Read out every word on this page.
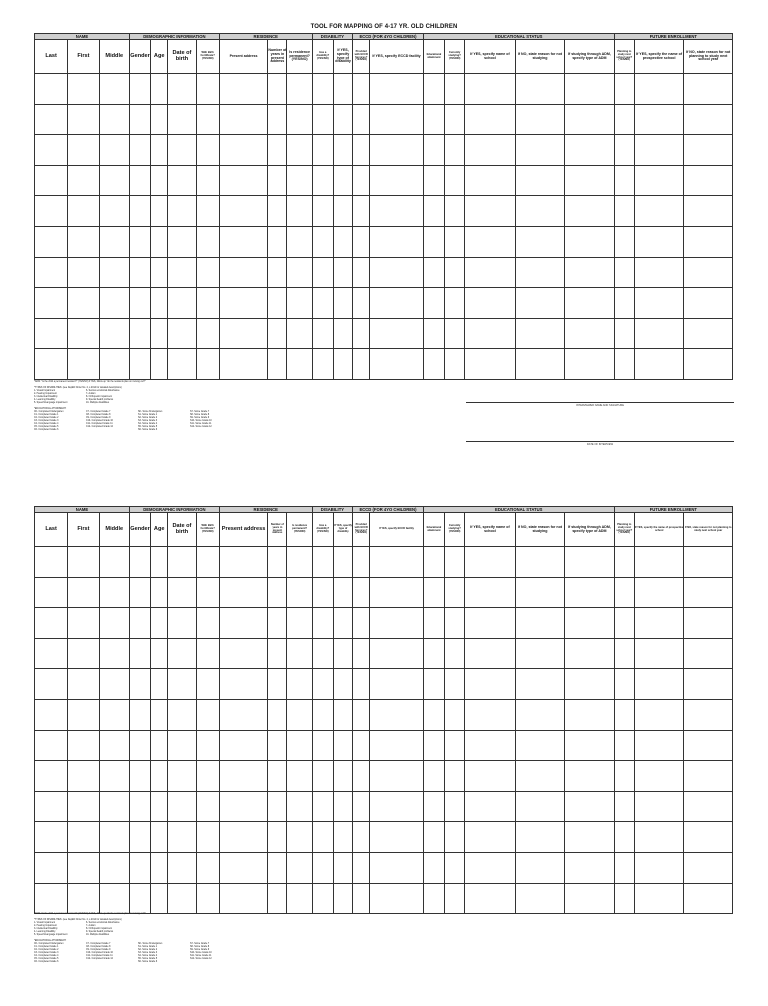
TOOL FOR MAPPING OF 4-17 YR. OLD CHILDREN
NAME			DEMOGRAPHIC INFORMATION				RESIDENCE			DISABILITY		ECCD (FOR 4YO CHILDREN)		EDUCATIONAL STATUS					FUTURE ENROLLMENT		
Last	First	Middle	Gender	Age	Date of birth	With Birth Certificate? (YES/NO)	Present address	Number of years in present address	Is residence permanent? (YES/NO)	Has a disability? (YES/NO)	If YES, specify type of disability	Provided with ECCD Services? (YES/NO)	If YES, specify ECCD facility	Educational attainment	Currently studying? (YES/NO)	If YES, specify name of school	If NO, state reason for not studying	If studying through ADM, specify type of ADM	Planning to study next school year? (YES/NO)	If YES, specify the name of prospective school	If NO, state reason for not planning to study next school year

*ADM: "Is the child a permanent resident?" (YES/NO) If YES, follow up "do the residents plan on moving out?"
*TYPES OF DISABILITIES: (see DepED Order No. 2, s.2014 for detailed descriptions)
1- Visual Impairment	6- Serious emotional disturbance
2- Hearing Impairment	7- Autism
3- Intellectual Disability	8- Orthopedic impairment
4- Learning Disability	9- Special health problems
5- Speech/Language impairment	10- Multiple disabilities
*EDUCATIONAL ATTAINMENT:
CK- Completed Kindergarten	C7- Completed Grade 7	SK- Some Kindergarten	S7- Some Grade 7
C1- Completed Grade 1	C8- Completed Grade 8	S1- Some Grade 1	S8- Some Grade 8
C2- Completed Grade 2	C9- Completed Grade 9	S2- Some Grade 2	S9- Some Grade 9
C3- Completed Grade 3	C10- Completed Grade 10	S3- Some Grade 3	S10- Some Grade 10
C4- Completed Grade 4	C11- Completed Grade 11	S4- Some Grade 4	S11- Some Grade 11
C5- Completed Grade 5	C12- Completed Grade 12	S5- Some Grade 5	S12- Some Grade 12
C6- Completed Grade 6	S6- Some Grade 6
INTERVIEWER NAME AND SIGNATURE
DATE OF INTERVIEW
NAME			DEMOGRAPHIC INFORMATION				RESIDENCE			DISABILITY		ECCD (FOR 4YO CHILDREN)		EDUCATIONAL STATUS					FUTURE ENROLLMENT		
Last	First	Middle	Gender	Age	Date of birth	With Birth Certificate? (YES/NO)	Present address	Number of years in present address	Is residence permanent? (YES/NO)	Has a disability? (YES/NO)	If YES, specify type of disability	Provided with ECCD Services? (YES/NO)	If YES, specify ECCD facility	Educational attainment	Currently studying? (YES/NO)	If YES, specify name of school	If NO, state reason for not studying	If studying through ADM, specify type of ADM	Planning to study next school year? (YES/NO)	If YES, specify the name of prospective school	If NO, state reason for not planning to study next school year

*ADM: "Is the child a permanent resident?" (YES/NO) If YES, follow up "do the residents plan on moving out?"
*TYPES OF DISABILITIES: (see DepED Order No. 2, s.2014 for detailed descriptions)
1- Visual Impairment	6- Serious emotional disturbance
2- Hearing Impairment	7- Autism
3- Intellectual Disability	8- Orthopedic impairment
4- Learning Disability	9- Special health problems
5- Speech/Language impairment	10- Multiple disabilities
*EDUCATIONAL ATTAINMENT:
CK- Completed Kindergarten	C7- Completed Grade 7	SK- Some Kindergarten	S7- Some Grade 7
C1- Completed Grade 1	C8- Completed Grade 8	S1- Some Grade 1	S8- Some Grade 8
C2- Completed Grade 2	C9- Completed Grade 9	S2- Some Grade 2	S9- Some Grade 9
C3- Completed Grade 3	C10- Completed Grade 10	S3- Some Grade 3	S10- Some Grade 10
C4- Completed Grade 4	C11- Completed Grade 11	S4- Some Grade 4	S11- Some Grade 11
C5- Completed Grade 5	C12- Completed Grade 12	S5- Some Grade 5	S12- Some Grade 12
C6- Completed Grade 6	S6- Some Grade 6
